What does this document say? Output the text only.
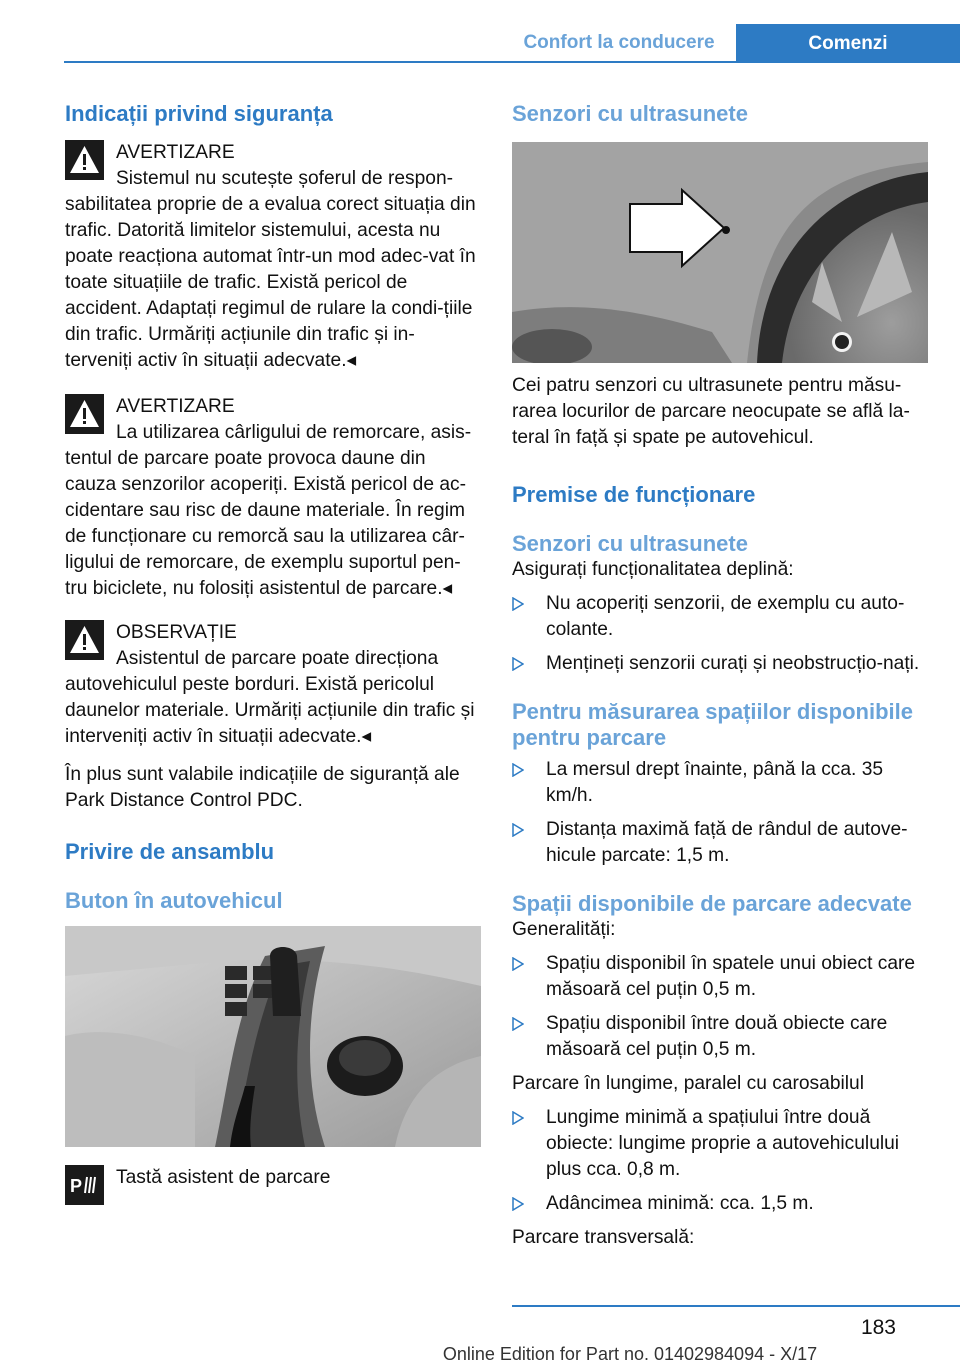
Confort la conducere	Comenzi
Indicații privind siguranța

AVERTIZARE

Sistemul nu scutește șoferul de respon-

sabilitatea proprie de a evalua corect situația din trafic. Datorită limitelor sistemului, acesta nu poate reacționa automat într-un mod adec-vat în toate situațiile de trafic. Există pericol de accident. Adaptați regimul de rulare la condi-țiile din trafic. Urmăriți acțiunile din trafic și in-terveniți activ în situații adecvate.◂

AVERTIZARE

La utilizarea cârligului de remorcare, asis-

tentul de parcare poate provoca daune din cauza senzorilor acoperiți. Există pericol de ac-cidentare sau risc de daune materiale. În regim de funcționare cu remorcă sau la utilizarea câr-ligului de remorcare, de exemplu suportul pen-tru biciclete, nu folosiți asistentul de parcare.◂

OBSERVAȚIE

Asistentul de parcare poate direcționa

autovehiculul peste borduri. Există pericolul daunelor materiale. Urmăriți acțiunile din trafic și interveniți activ în situații adecvate.◂

În plus sunt valabile indicațiile de siguranță ale Park Distance Control PDC.

Privire de ansamblu
Buton în autovehicul
P Tastă asistent de parcare

Senzori cu ultrasunete

Cei patru senzori cu ultrasunete pentru măsu-rarea locurilor de parcare neocupate se află la-teral în față și spate pe autovehicul.

Premise de funcționare
Senzori cu ultrasunete

Asigurați funcționalitatea deplină:

Nu acoperiți senzorii, de exemplu cu auto-colante.
Mențineți senzorii curați și neobstrucțio-nați.
Pentru măsurarea spațiilor disponibile pentru parcare
La mersul drept înainte, până la cca. 35 km/h.
Distanța maximă față de rândul de autove-hicule parcate: 1,5 m.
Spații disponibile de parcare adecvate

Generalități:

Spațiu disponibil în spatele unui obiect care măsoară cel puțin 0,5 m.
Spațiu disponibil între două obiecte care măsoară cel puțin 0,5 m.

Parcare în lungime, paralel cu carosabilul

Lungime minimă a spațiului între două obiecte: lungime proprie a autovehiculului plus cca. 0,8 m.
Adâncimea minimă: cca. 1,5 m.

Parcare transversală:

183
Online Edition for Part no. 01402984094 - X/17
